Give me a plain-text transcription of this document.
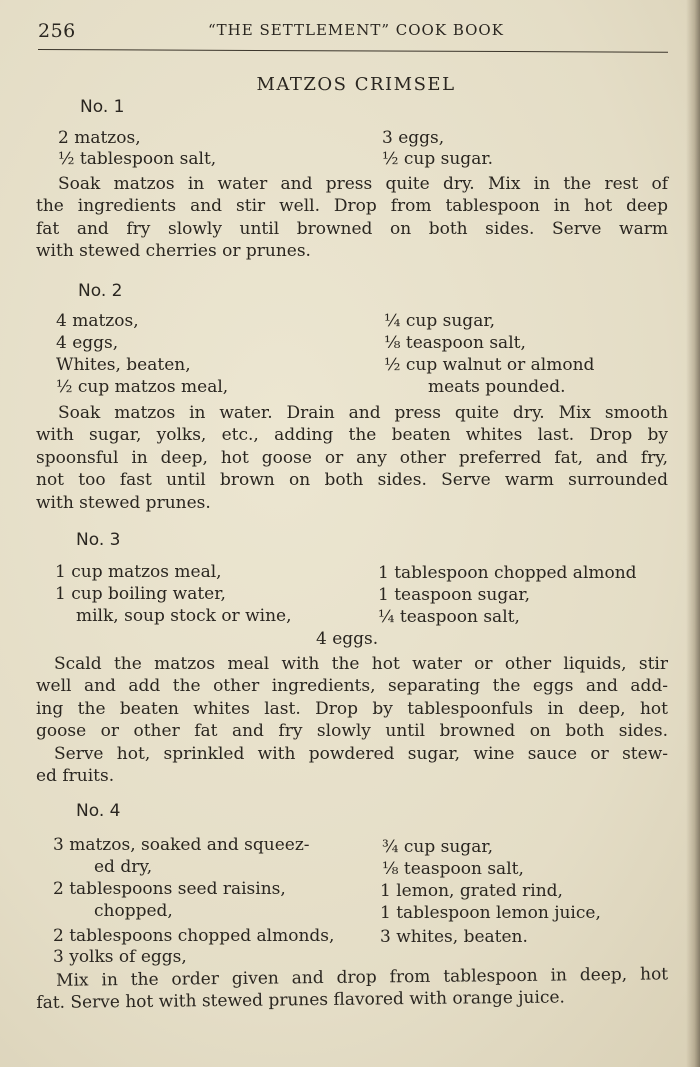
256	“THE SETTLEMENT” COOK BOOK
MATZOS CRIMSEL
No. 1
2 matzos,
½ tablespoon salt,
3 eggs,
½ cup sugar.
Soak matzos in water and press quite dry. Mix in the rest of
the ingredients and stir well. Drop from tablespoon in hot deep
fat and fry slowly until browned on both sides. Serve warm
with stewed cherries or prunes.
No. 2
4 matzos,
4 eggs,
Whites, beaten,
½ cup matzos meal,
¼ cup sugar,
⅛ teaspoon salt,
½ cup walnut or almond
meats pounded.
Soak matzos in water. Drain and press quite dry. Mix smooth
with sugar, yolks, etc., adding the beaten whites last. Drop by
spoonsful in deep, hot goose or any other preferred fat, and fry,
not too fast until brown on both sides. Serve warm surrounded
with stewed prunes.
No. 3
1 cup matzos meal,
1 cup boiling water,
milk, soup stock or wine,
1 tablespoon chopped almond
1 teaspoon sugar,
¼ teaspoon salt,
4 eggs.
Scald the matzos meal with the hot water or other liquids, stir
well and add the other ingredients, separating the eggs and add-
ing the beaten whites last. Drop by tablespoonfuls in deep, hot
goose or other fat and fry slowly until browned on both sides.
Serve hot, sprinkled with powdered sugar, wine sauce or stew-
ed fruits.
No. 4
3 matzos, soaked and squeez-
ed dry,
2 tablespoons seed raisins,
chopped,
2 tablespoons chopped almonds,
3 yolks of eggs,
¾ cup sugar,
⅛ teaspoon salt,
1 lemon, grated rind,
1 tablespoon lemon juice,
3 whites, beaten.
Mix in the order given and drop from tablespoon in deep, hot
fat. Serve hot with stewed prunes flavored with orange juice.
